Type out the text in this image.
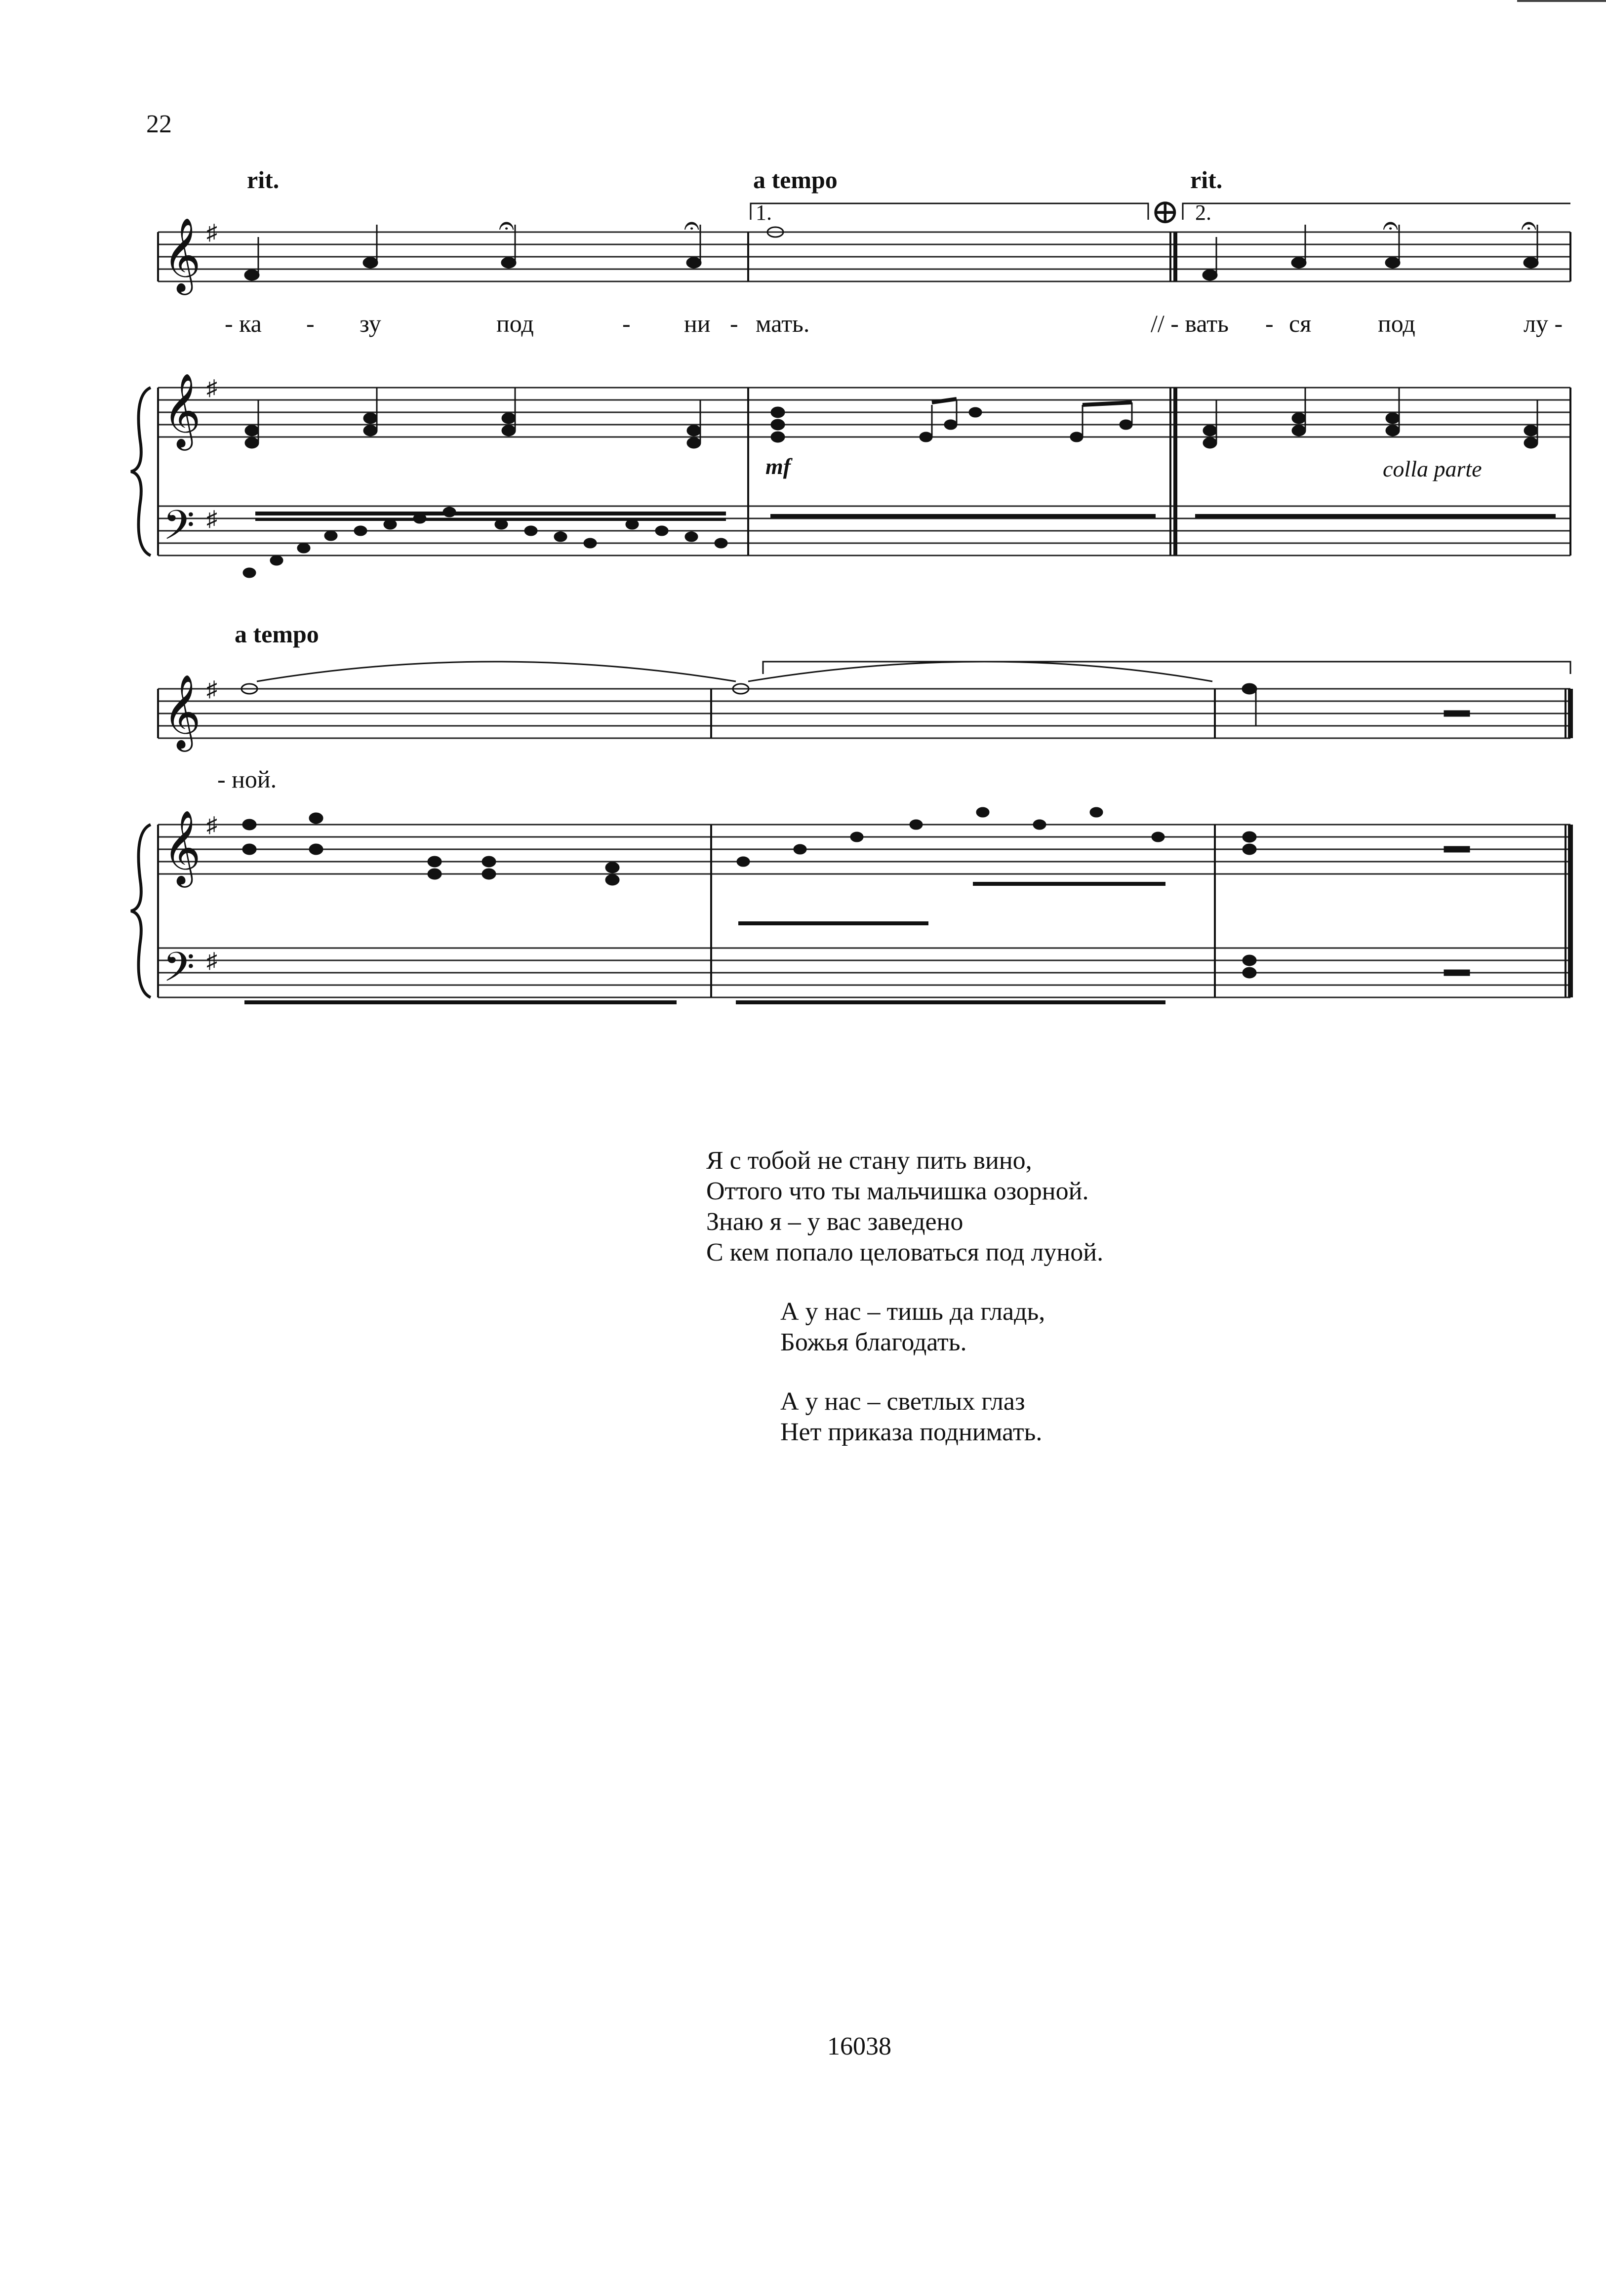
22
rit.	a tempo	rit.
a tempo
𝄞
𝄞
𝄢
𝄞
𝄞
𝄢
♯
♯
♯
♯
♯
♯
1.	2.
⊕
𝄐	𝄐	𝄐	𝄐
- ка - зу	под	- ни - мать.	// - вать - ся	под	лу -
mf	colla parte
- ной.
Я с тобой не стану пить вино,
Оттого что ты мальчишка озорной.
Знаю я – у вас заведено
С кем попало целоваться под луной.
А у нас – тишь да гладь,
Божья благодать.
А у нас – светлых глаз
Нет приказа поднимать.
16038
